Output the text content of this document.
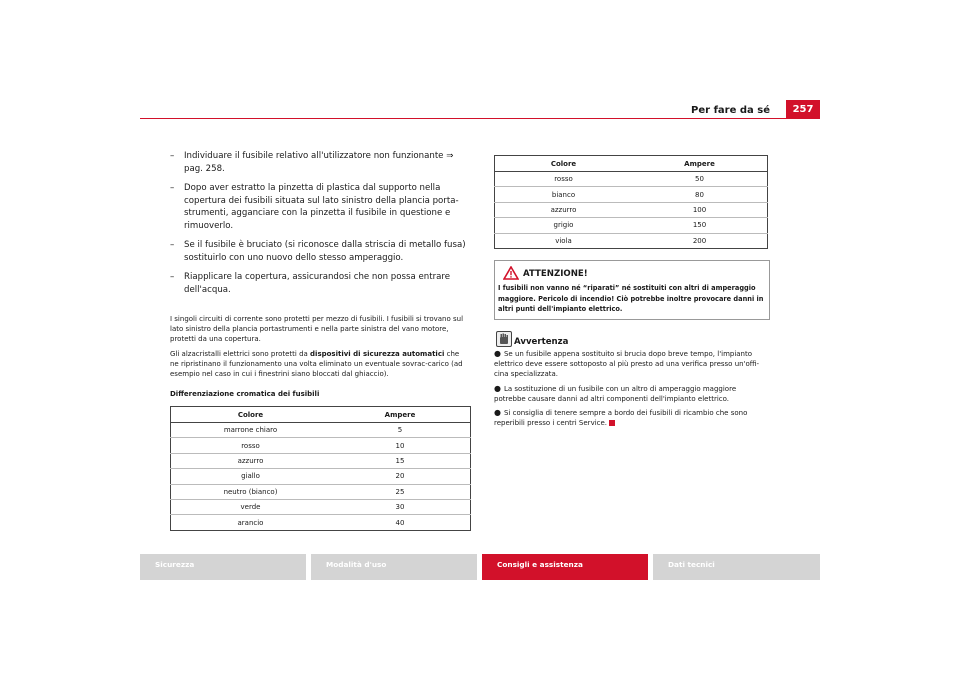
Per fare da sé	257
– Individuare il fusibile relativo all'utilizzatore non funzionante ⇒ pag. 258.
– Dopo aver estratto la pinzetta di plastica dal supporto nella copertura dei fusibili situata sul lato sinistro della plancia porta-strumenti, agganciare con la pinzetta il fusibile in questione e rimuoverlo.
– Se il fusibile è bruciato (si riconosce dalla striscia di metallo fusa) sostituirlo con uno nuovo dello stesso amperaggio.
– Riapplicare la copertura, assicurandosi che non possa entrare dell'acqua.

I singoli circuiti di corrente sono protetti per mezzo di fusibili. I fusibili si trovano sul lato sinistro della plancia portastrumenti e nella parte sinistra del vano motore, protetti da una copertura.

Gli alzacristalli elettrici sono protetti da dispositivi di sicurezza automatici che ne ripristinano il funzionamento una volta eliminato un eventuale sovrac-carico (ad esempio nel caso in cui i finestrini siano bloccati dal ghiaccio).

Differenziazione cromatica dei fusibili
Colore	Ampere
marrone chiaro	5
rosso	10
azzurro	15
giallo	20
neutro (bianco)	25
verde	30
arancio	40
Colore	Ampere
rosso	50
bianco	80
azzurro	100
grigio	150
viola	200
ATTENZIONE!
I fusibili non vanno né “riparati” né sostituiti con altri di amperaggio maggiore. Pericolo di incendio! Ciò potrebbe inoltre provocare danni in altri punti dell'impianto elettrico.
Avvertenza
● Se un fusibile appena sostituito si brucia dopo breve tempo, l'impianto elettrico deve essere sottoposto al più presto ad una verifica presso un'offi-cina specializzata.
● La sostituzione di un fusibile con un altro di amperaggio maggiore potrebbe causare danni ad altri componenti dell'impianto elettrico.
● Si consiglia di tenere sempre a bordo dei fusibili di ricambio che sono reperibili presso i centri Service.
Sicurezza	Modalità d'uso	Consigli e assistenza	Dati tecnici
